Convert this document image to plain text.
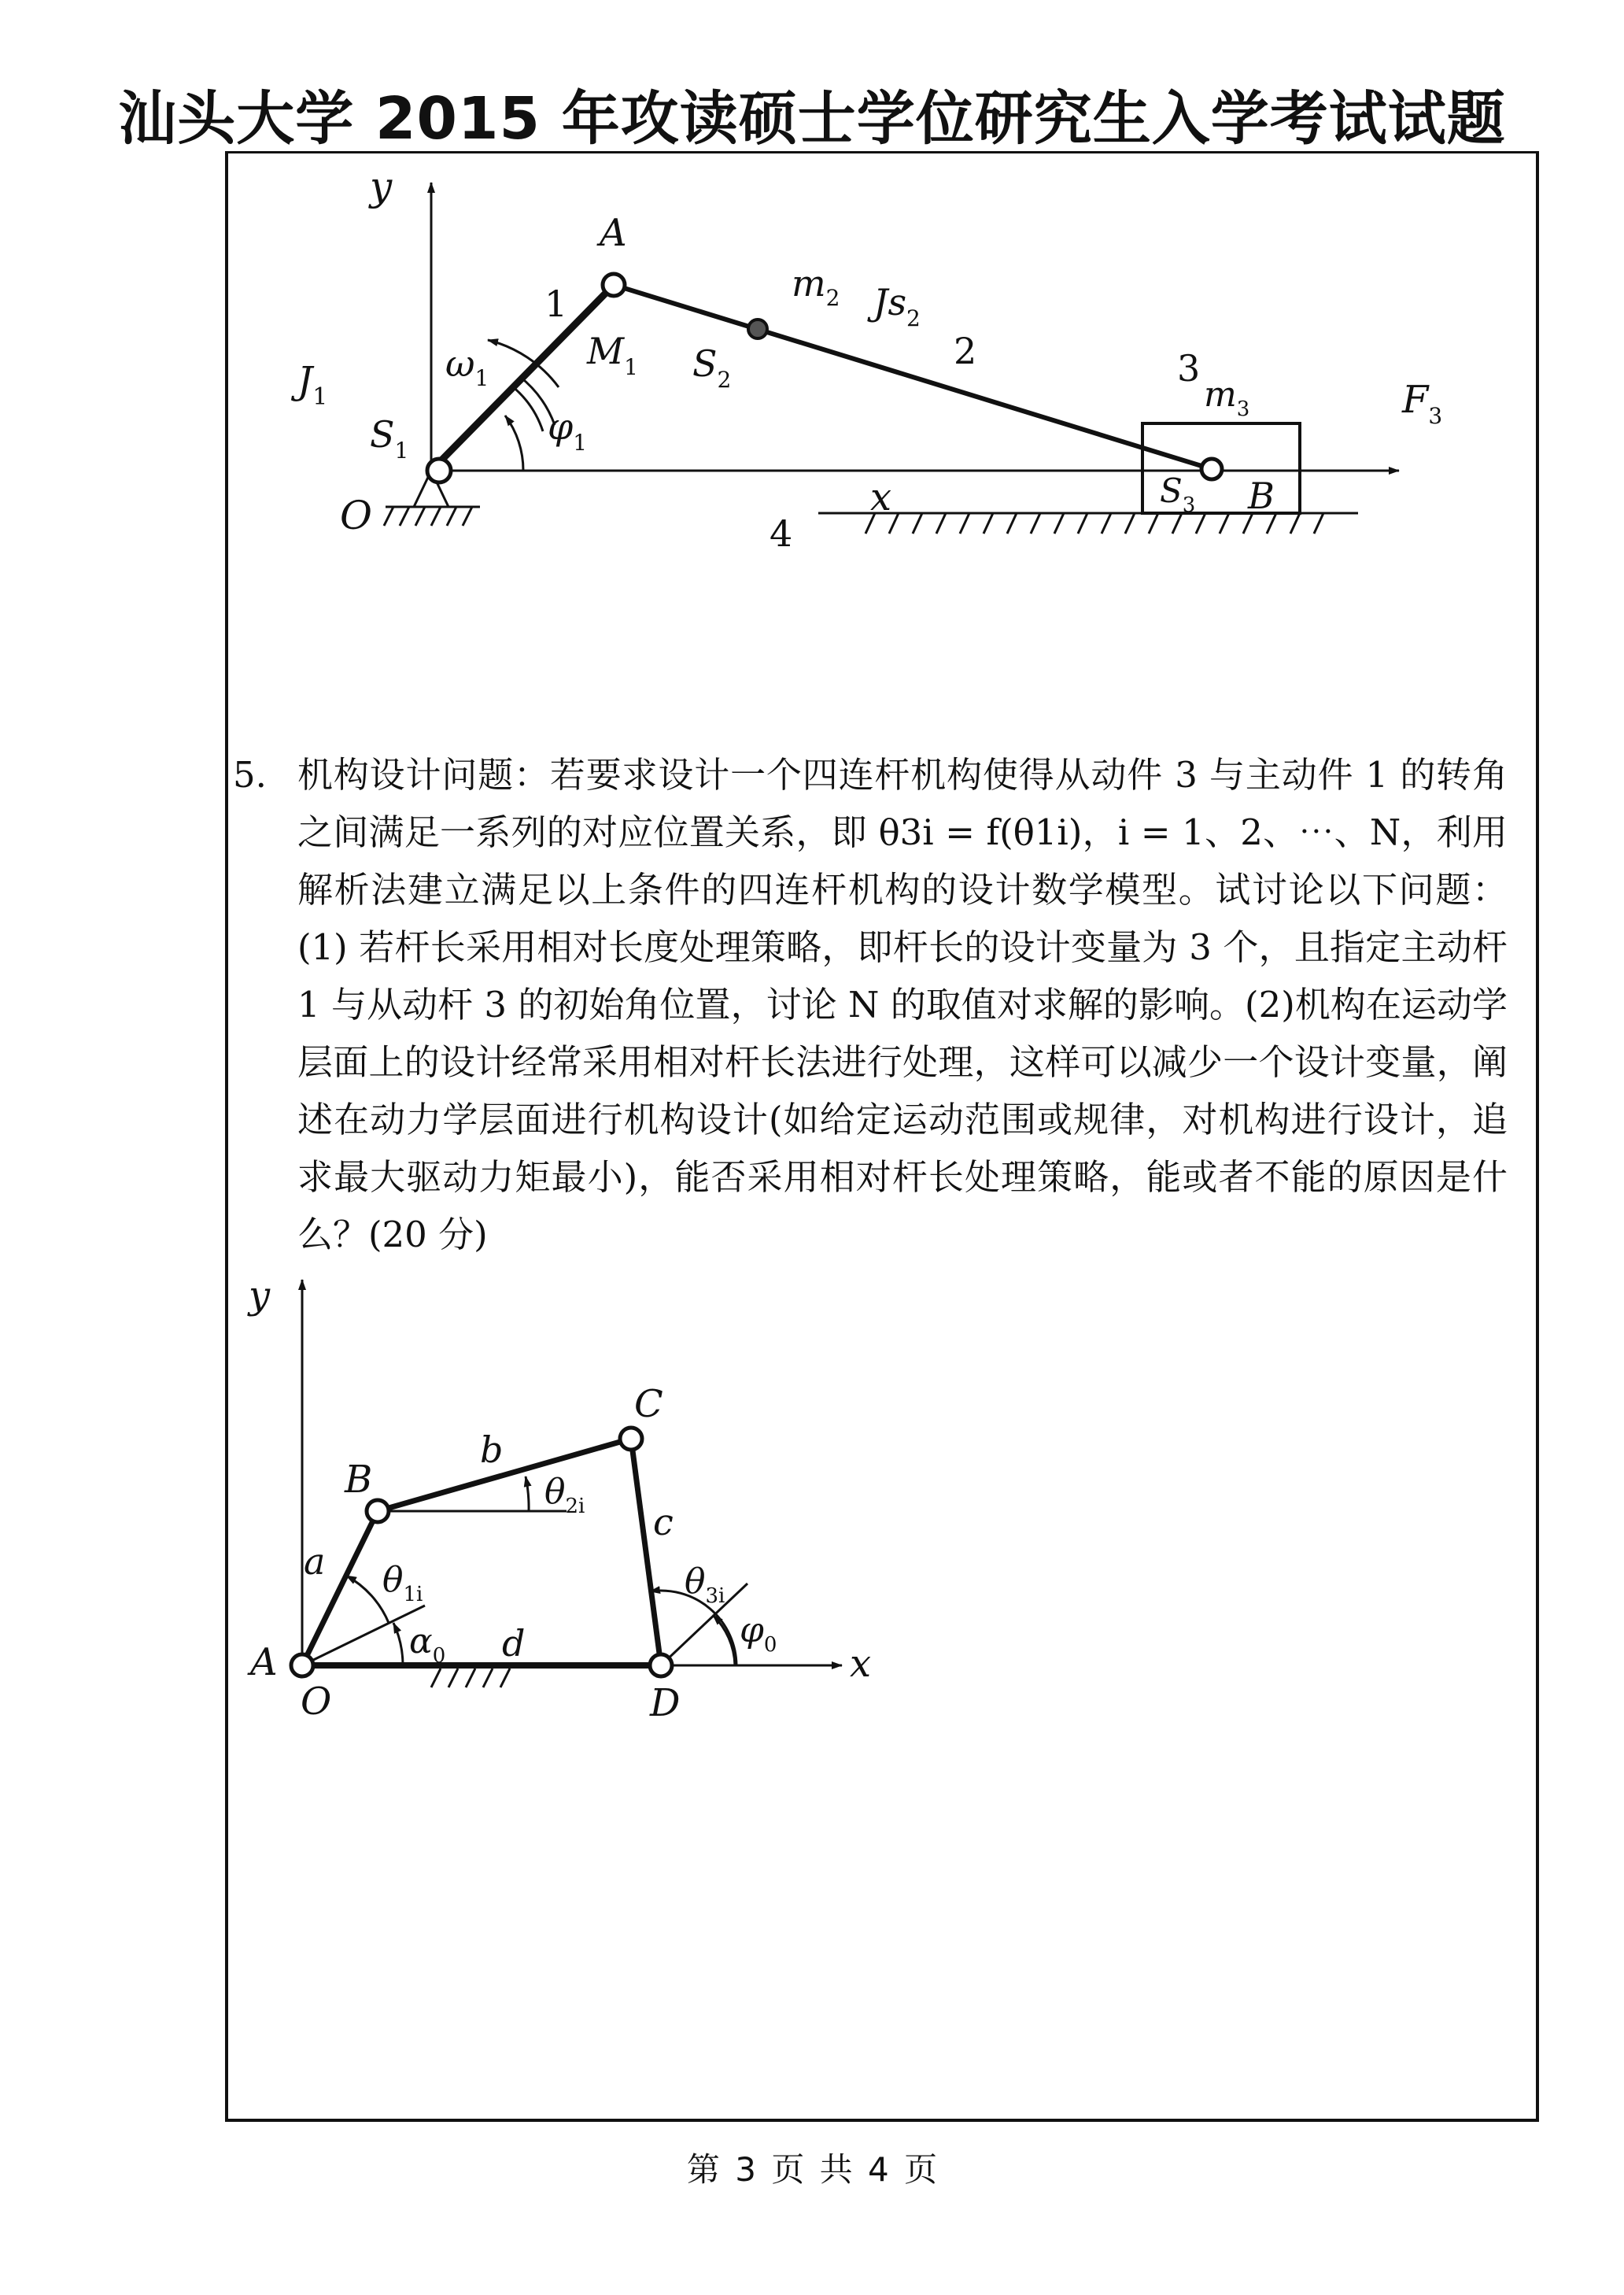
汕头大学 2015 年攻读硕士学位研究生入学考试试题
y
A
1
2	3
4
O	x	B
$J_1$
$S_1$
$S_2$
$S_3$
$m_2$ $Js_2$
$m_3$
$M_1$
$\omega_1$
$\varphi_1$
$F_3$
5. 机构设计问题：若要求设计一个四连杆机构使得从动件 3 与主动件 1 的转角之间满足一系列的对应位置关系，即 θ3i = f(θ1i)，i = 1、2、⋯、N，利用解析法建立满足以上条件的四连杆机构的设计数学模型。试讨论以下问题：(1) 若杆长采用相对长度处理策略，即杆长的设计变量为 3 个，且指定主动杆 1 与从动杆 3 的初始角位置，讨论 N 的取值对求解的影响。(2)机构在运动学层面上的设计经常采用相对杆长法进行处理，这样可以减少一个设计变量，阐述在动力学层面进行机构设计(如给定运动范围或规律，对机构进行设计，追求最大驱动力矩最小)，能否采用相对杆长处理策略，能或者不能的原因是什么？(20 分)
y
x
A
O
B
C
D
a
b
c
d
$\theta_{1i}$
$\alpha_0$
$\theta_{2i}$
$\theta_{3i}$
$\varphi_0$
第 3 页 共 4 页
